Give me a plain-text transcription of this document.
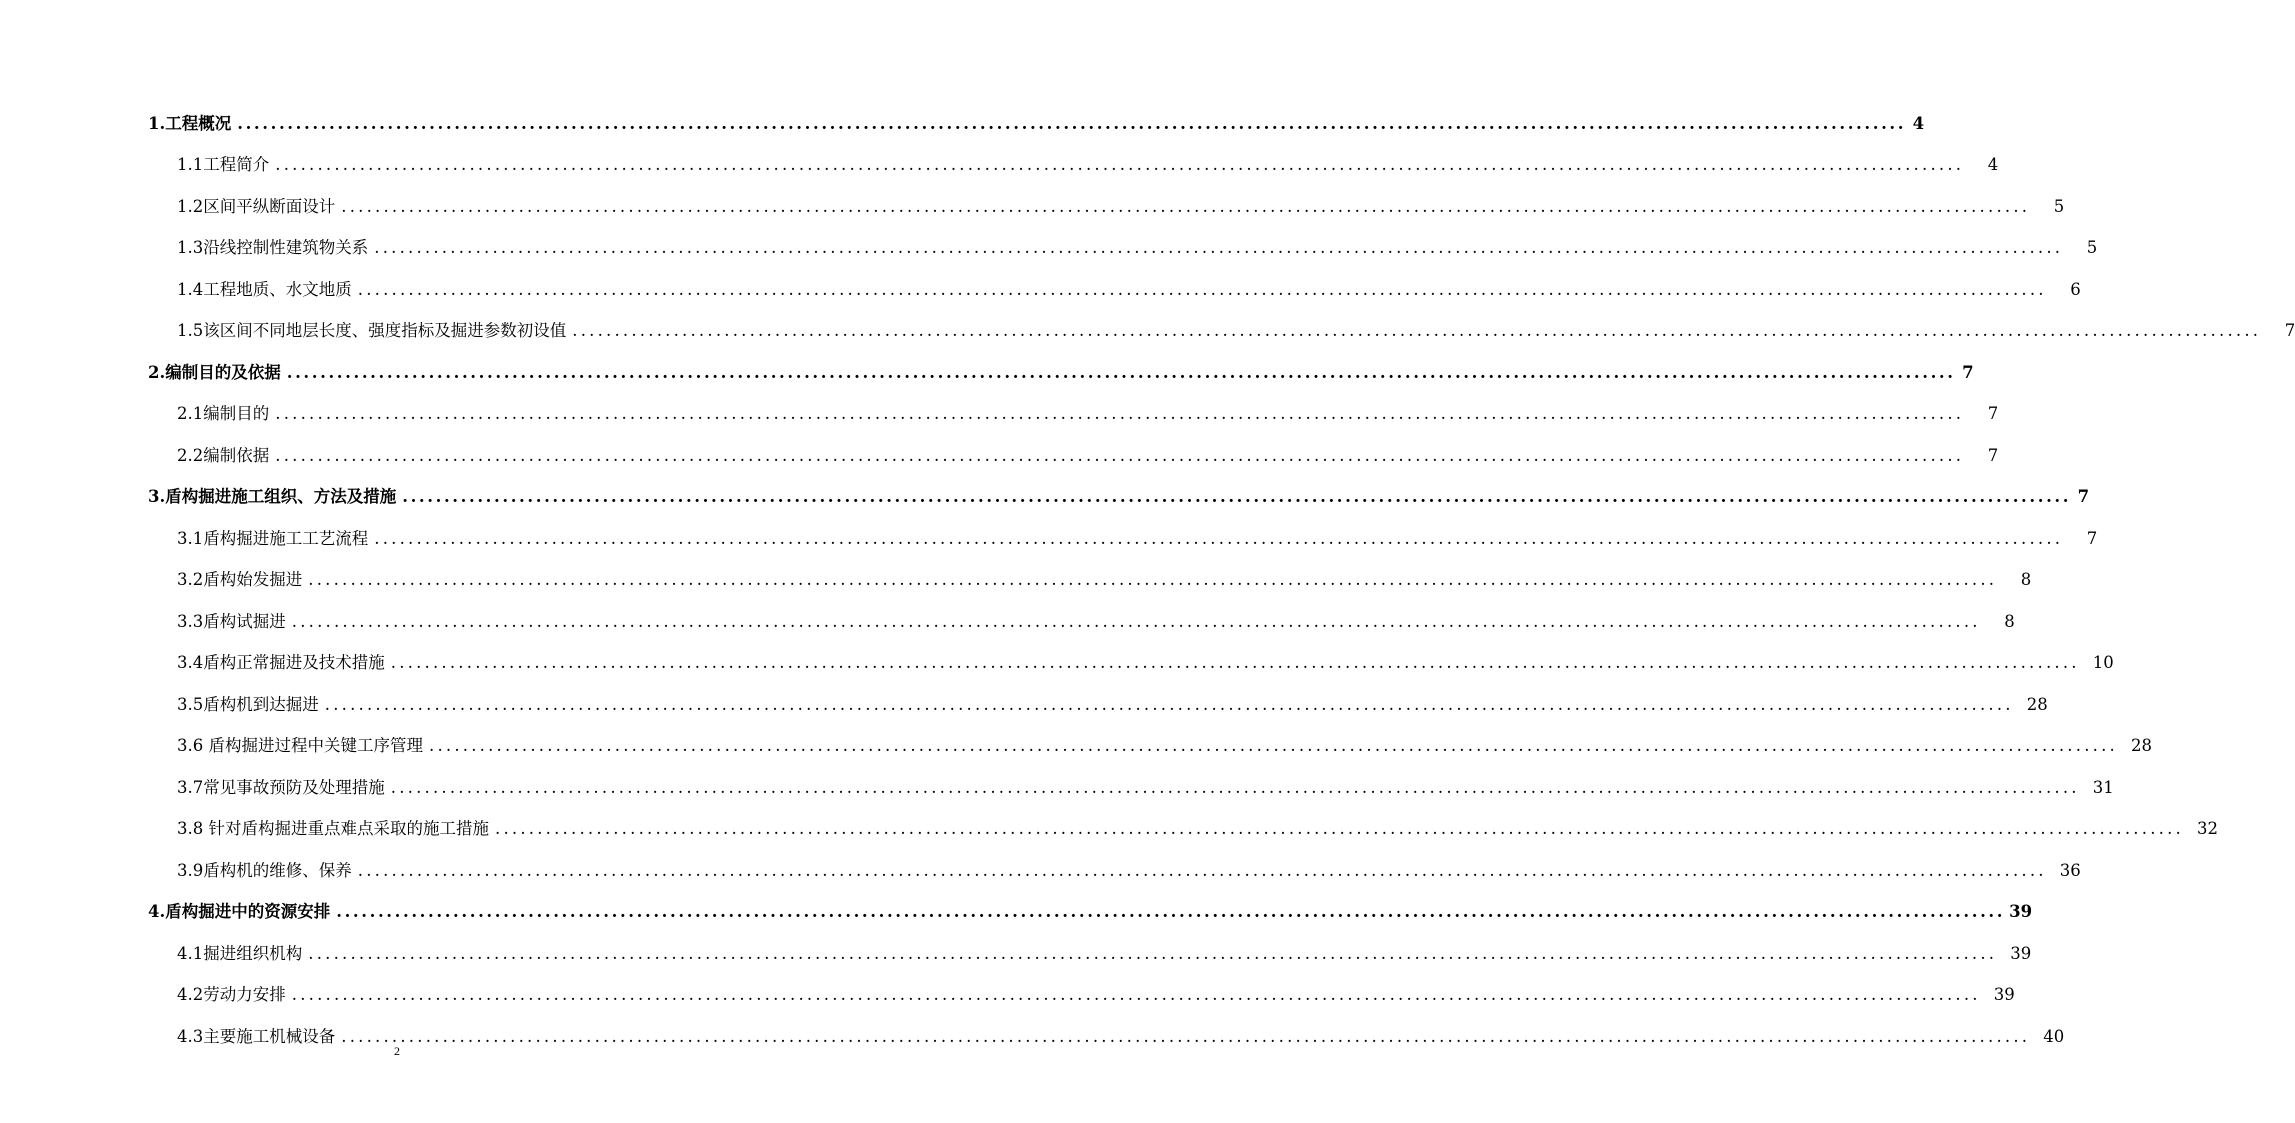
1.工程概况 ........................................................................................................................................................................................................ 4
1.1工程简介 ........................................................................................................................................................................................................	4
1.2区间平纵断面设计 ........................................................................................................................................................................................................	5
1.3沿线控制性建筑物关系 ........................................................................................................................................................................................................	5
1.4工程地质、水文地质 ........................................................................................................................................................................................................	6
1.5该区间不同地层长度、强度指标及掘进参数初设值 ........................................................................................................................................................................................................	7
2.编制目的及依据 ........................................................................................................................................................................................................ 7
2.1编制目的 ........................................................................................................................................................................................................	7
2.2编制依据 ........................................................................................................................................................................................................	7
3.盾构掘进施工组织、方法及措施 ........................................................................................................................................................................................................ 7
3.1盾构掘进施工工艺流程 ........................................................................................................................................................................................................	7
3.2盾构始发掘进 ........................................................................................................................................................................................................	8
3.3盾构试掘进 ........................................................................................................................................................................................................	8
3.4盾构正常掘进及技术措施 ........................................................................................................................................................................................................ 10
3.5盾构机到达掘进 ........................................................................................................................................................................................................ 28
3.6 盾构掘进过程中关键工序管理 ........................................................................................................................................................................................................ 28
3.7常见事故预防及处理措施 ........................................................................................................................................................................................................ 31
3.8 针对盾构掘进重点难点采取的施工措施 ........................................................................................................................................................................................................ 32
3.9盾构机的维修、保养 ........................................................................................................................................................................................................ 36
4.盾构掘进中的资源安排 ........................................................................................................................................................................................................ 39
4.1掘进组织机构 ........................................................................................................................................................................................................ 39
4.2劳动力安排 ........................................................................................................................................................................................................ 39
4.3主要施工机械设备 ........................................................................................................................................................................................................ 40
2
